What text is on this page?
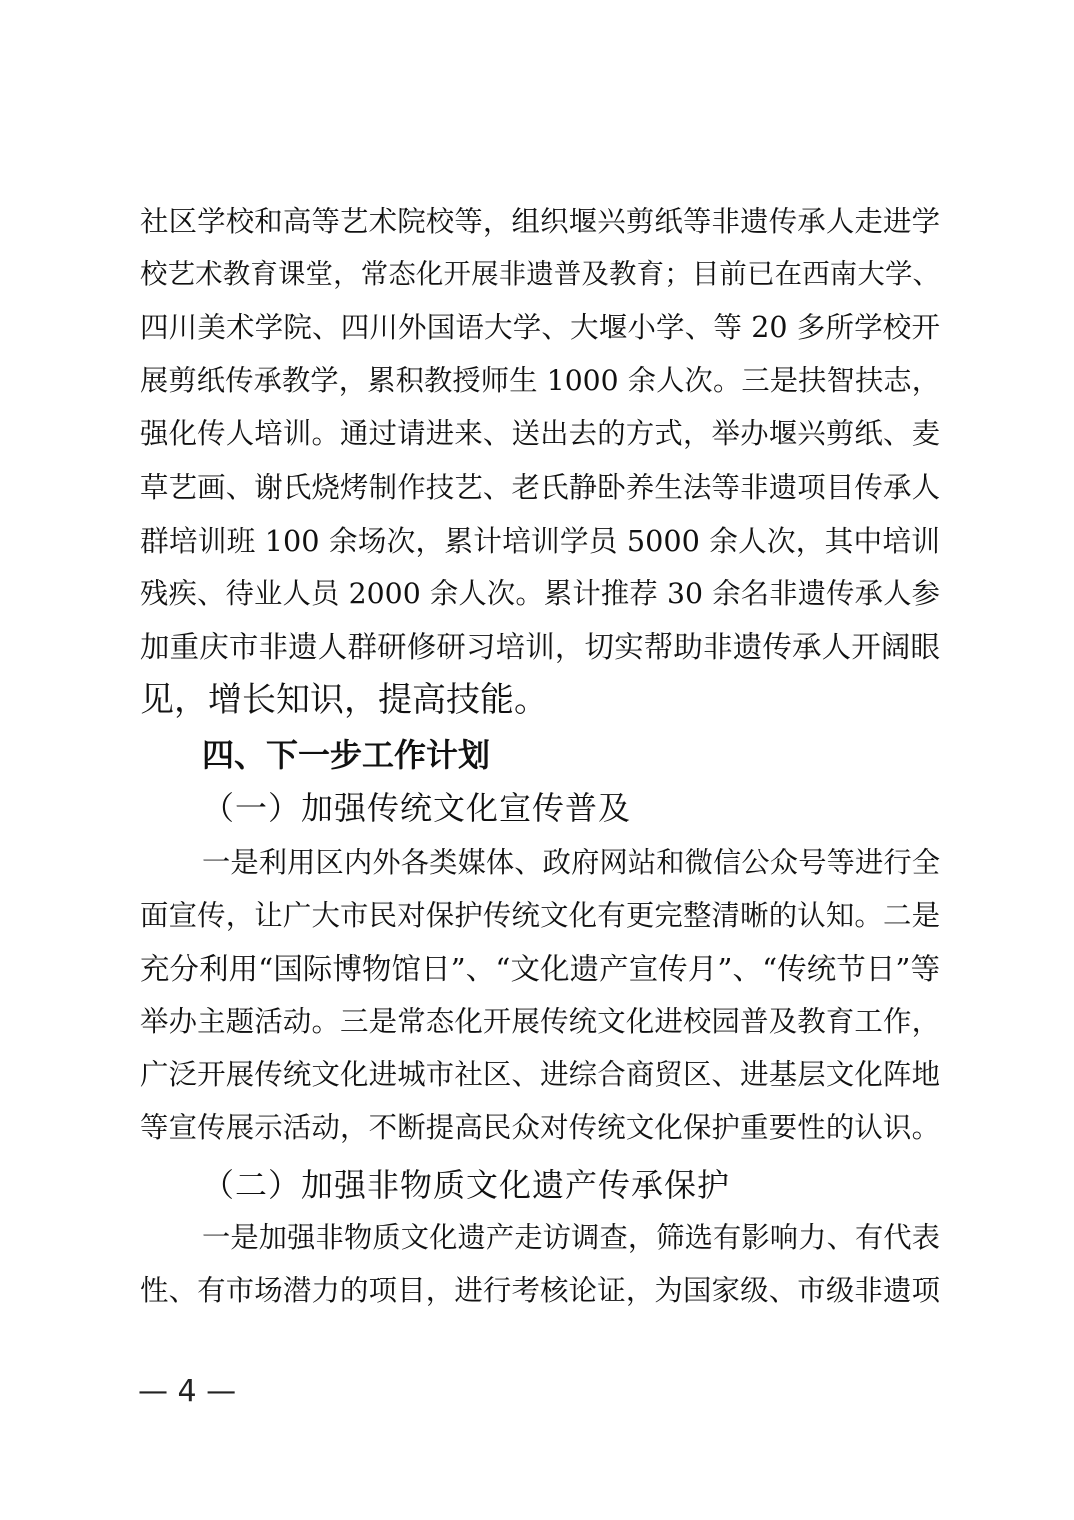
社区学校和高等艺术院校等，组织堰兴剪纸等非遗传承人走进学
校艺术教育课堂，常态化开展非遗普及教育；目前已在西南大学、
四川美术学院、四川外国语大学、大堰小学、等 20 多所学校开
展剪纸传承教学，累积教授师生 1000 余人次。三是扶智扶志，
强化传人培训。通过请进来、送出去的方式，举办堰兴剪纸、麦
草艺画、谢氏烧烤制作技艺、老氏静卧养生法等非遗项目传承人
群培训班 100 余场次，累计培训学员 5000 余人次，其中培训
残疾、待业人员 2000 余人次。累计推荐 30 余名非遗传承人参
加重庆市非遗人群研修研习培训，切实帮助非遗传承人开阔眼
见，增长知识，提高技能。
四、下一步工作计划
（一）加强传统文化宣传普及
一是利用区内外各类媒体、政府网站和微信公众号等进行全
面宣传，让广大市民对保护传统文化有更完整清晰的认知。二是
充分利用“国际博物馆日”、“文化遗产宣传月”、“传统节日”等
举办主题活动。三是常态化开展传统文化进校园普及教育工作，
广泛开展传统文化进城市社区、进综合商贸区、进基层文化阵地
等宣传展示活动，不断提高民众对传统文化保护重要性的认识。
（二）加强非物质文化遗产传承保护
一是加强非物质文化遗产走访调查，筛选有影响力、有代表
性、有市场潜力的项目，进行考核论证，为国家级、市级非遗项
— 4 —
